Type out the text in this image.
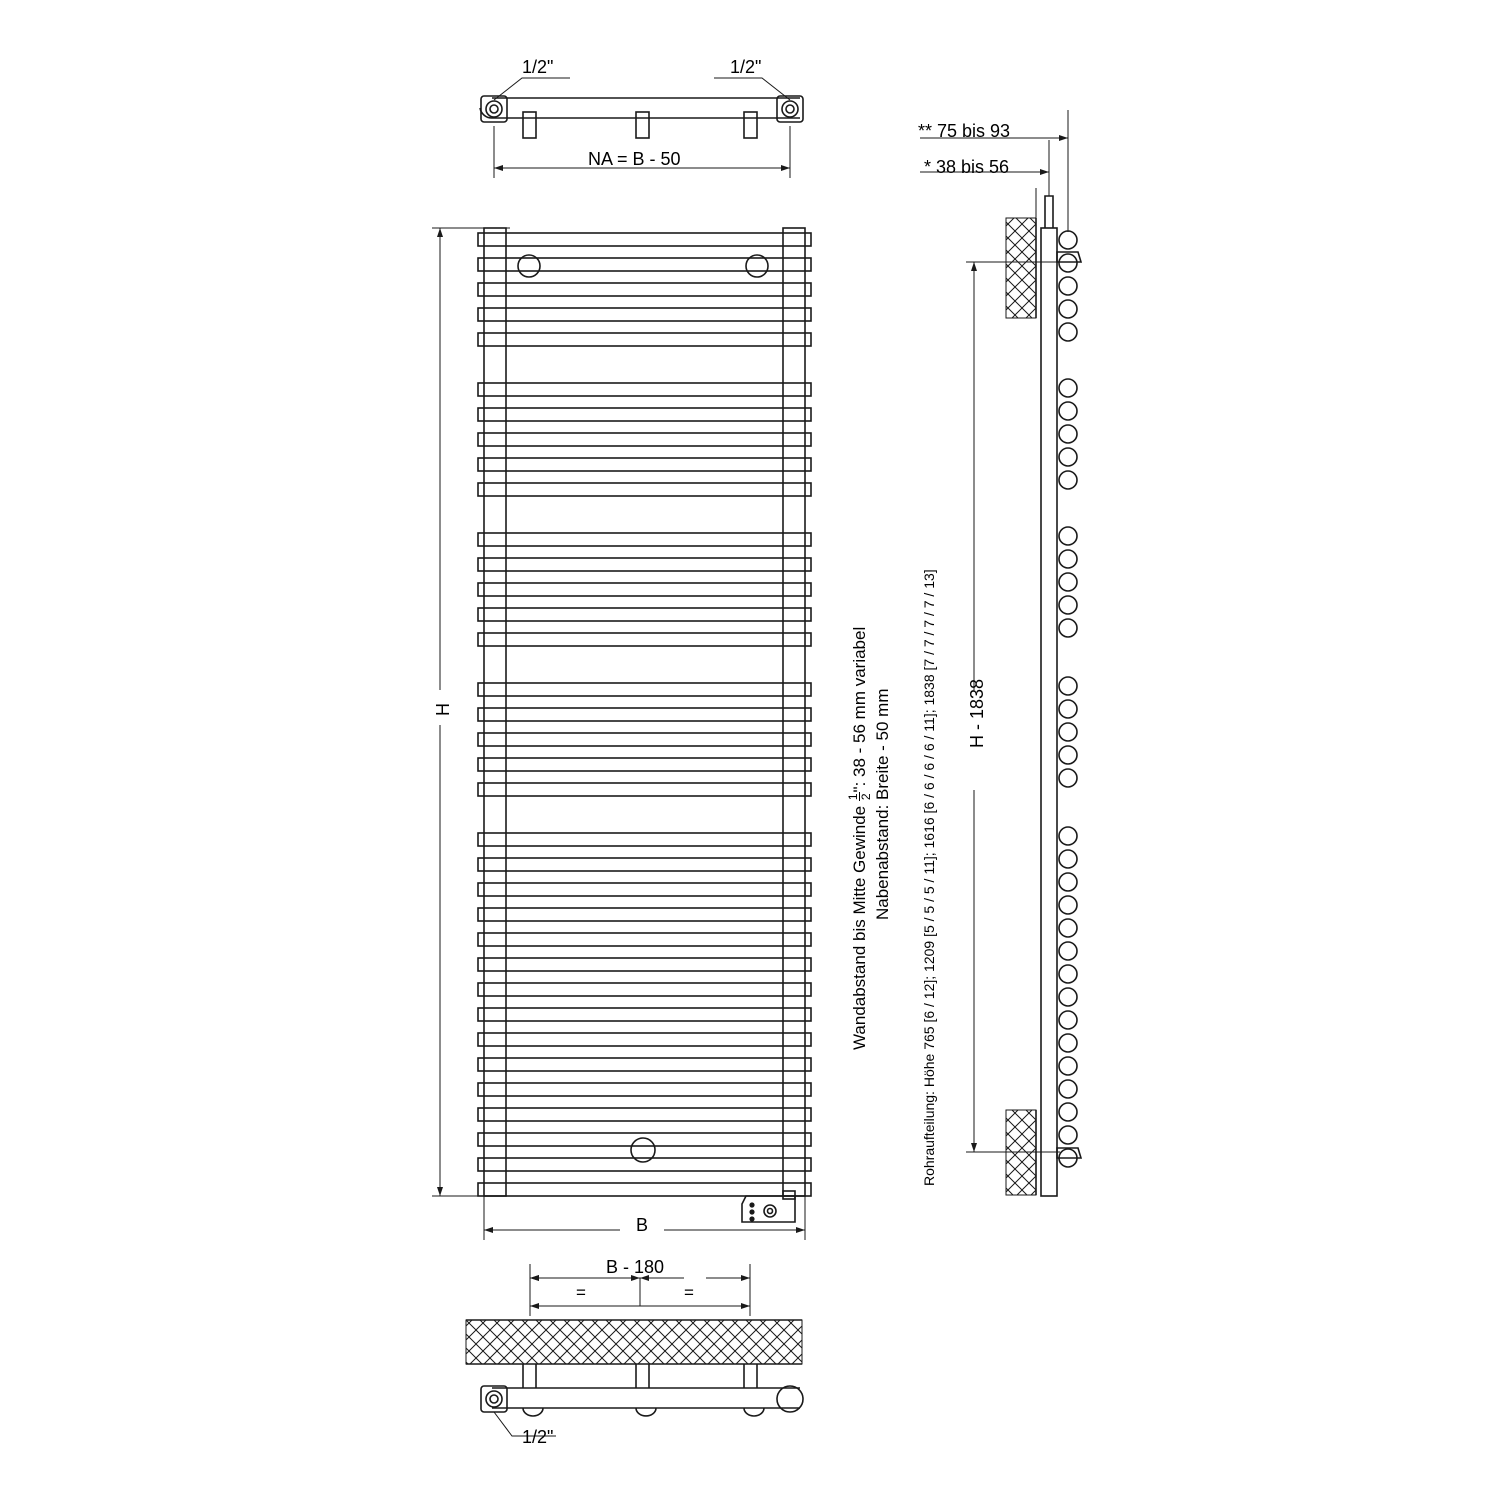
1/2"	1/2"
NA = B - 50
H
B
** 75 bis 93
* 38 bis 56
H - 1838
B - 180
=	=
1/2"
Wandabstand bis Mitte Gewinde
1 2
": 38 - 56 mm variabel Nabenabstand: Breite - 50 mm Rohraufteilung: Höhe 765 [6 / 12]; 1209 [5 / 5 / 5 / 11]; 1616 [6 / 6 / 6 / 6 / 11]; 1838 [7 / 7 / 7 / 7 / 13]
